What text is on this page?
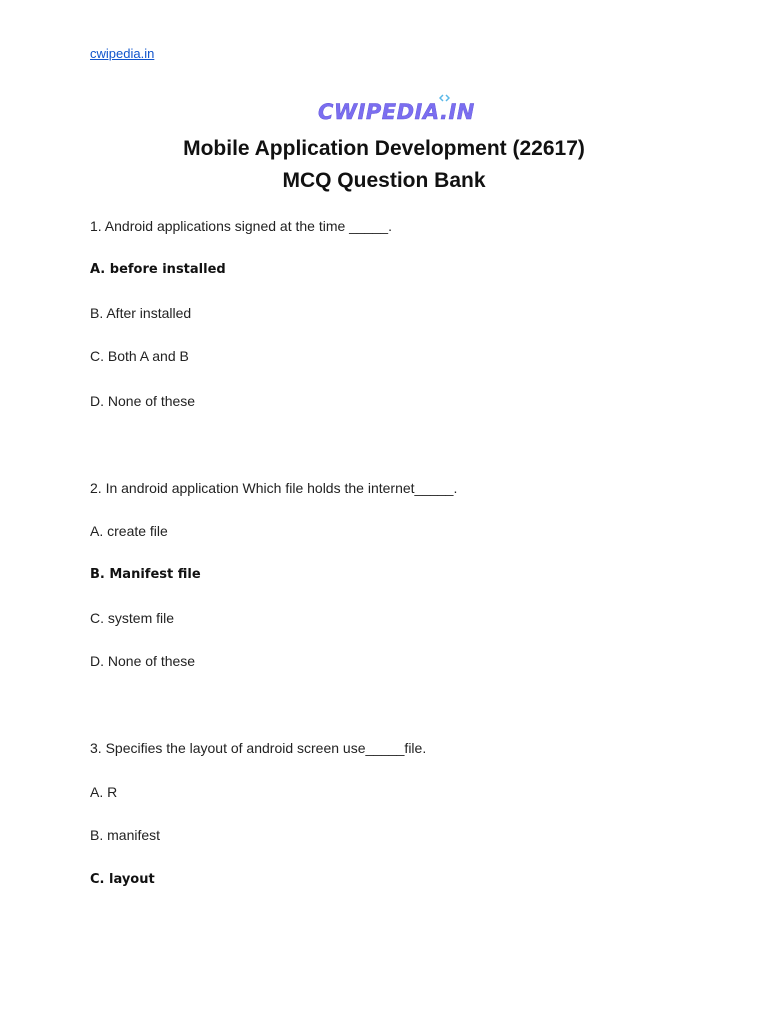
cwipedia.in
CWIPEDIA.IN
Mobile Application Development (22617)
MCQ Question Bank
1. Android applications signed at the time _____.
A. before installed
B. After installed
C. Both A and B
D. None of these
2. In android application Which file holds the internet_____.
A. create file
B. Manifest file
C. system file
D. None of these
3. Specifies the layout of android screen use_____file.
A. R
B. manifest
C. layout
